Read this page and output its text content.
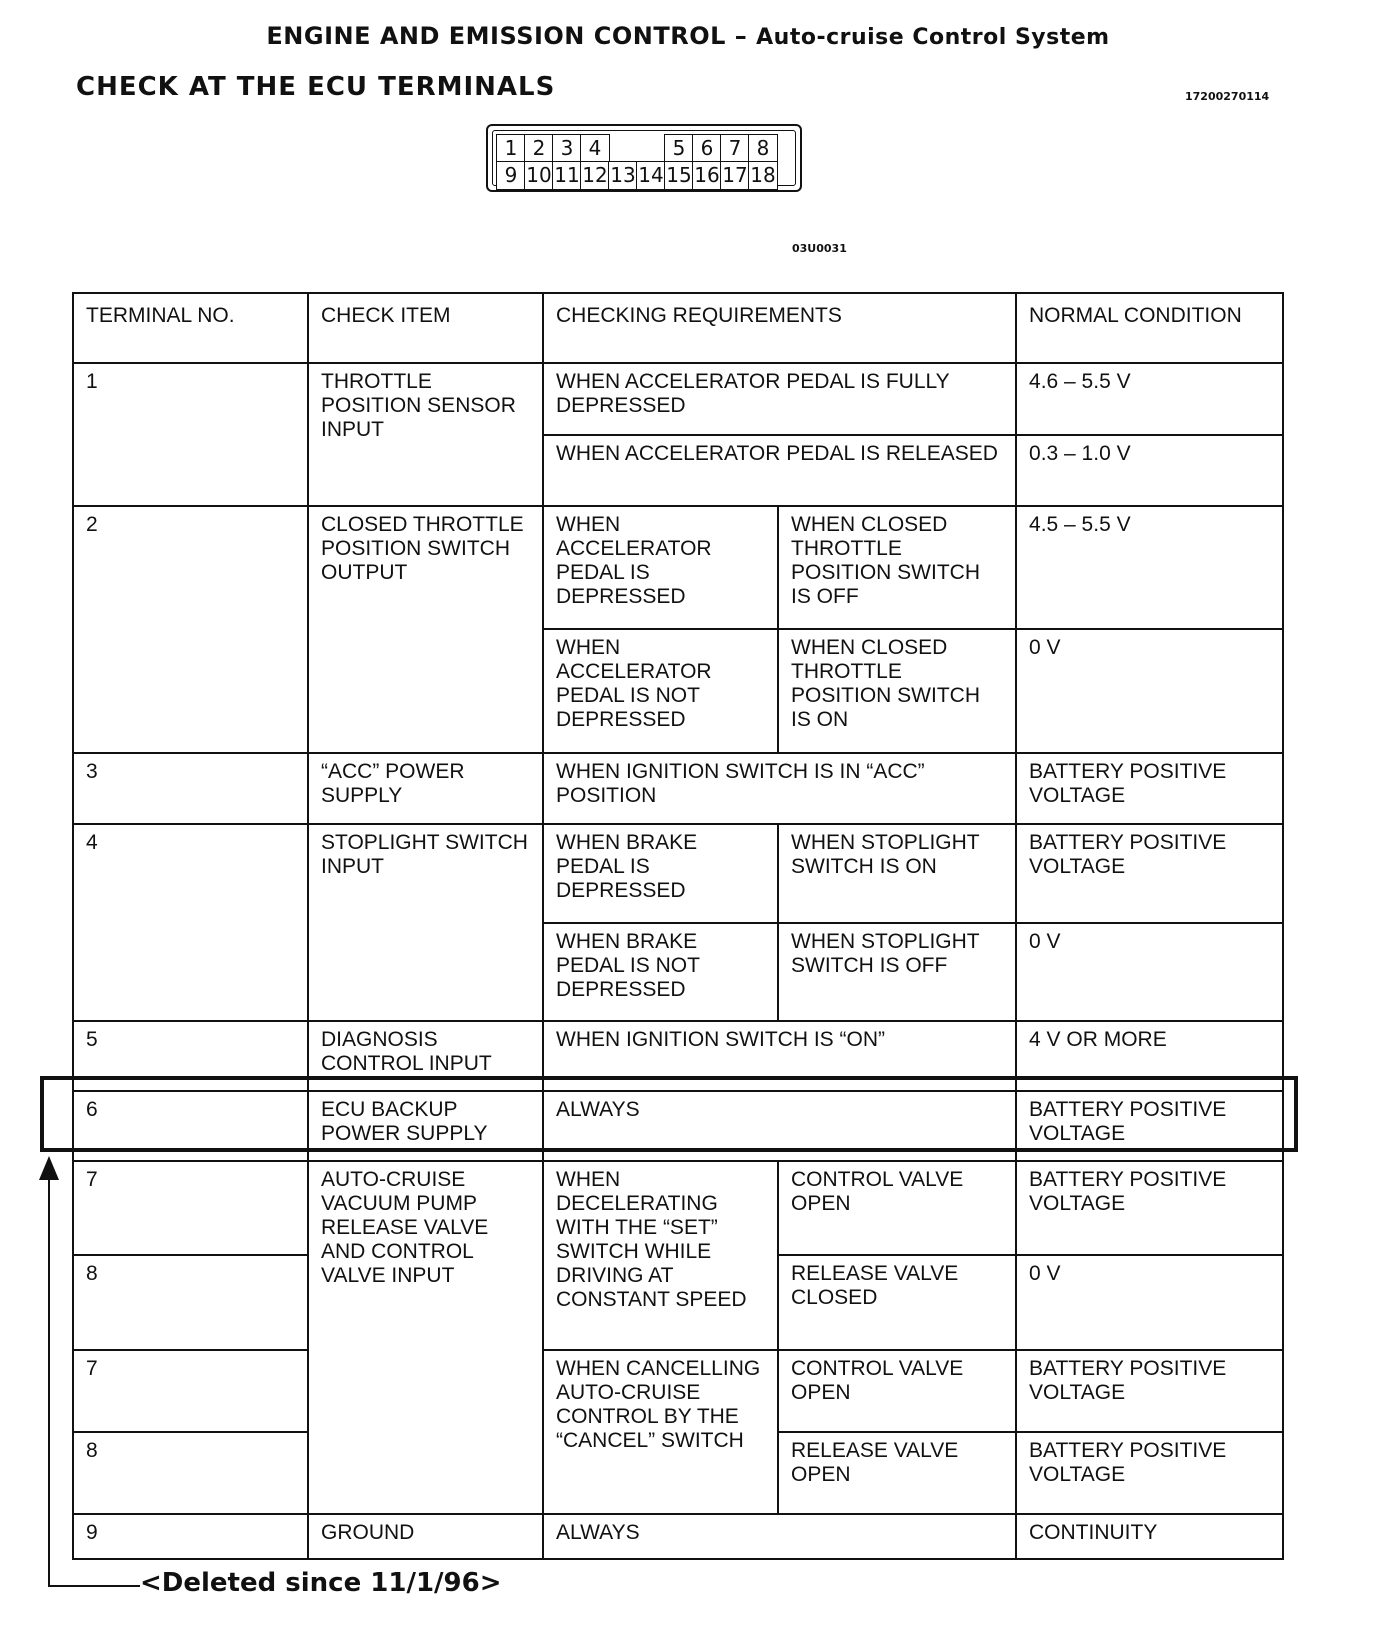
ENGINE AND EMISSION CONTROL – Auto-cruise Control System
CHECK AT THE ECU TERMINALS	17200270114
1 2 3 4	5 6 7 8
9 10 11 12 13 14 15 16 17 18
03U0031
TERMINAL NO.	CHECK ITEM	CHECKING REQUIREMENTS		NORMAL CONDITION
1	THROTTLE POSITION SENSOR INPUT	WHEN ACCELERATOR PEDAL IS FULLY DEPRESSED		4.6 – 5.5 V
		WHEN ACCELERATOR PEDAL IS RELEASED		0.3 – 1.0 V
2	CLOSED THROTTLE POSITION SWITCH OUTPUT	WHEN ACCELERATOR PEDAL IS DEPRESSED	WHEN CLOSED THROTTLE POSITION SWITCH IS OFF	4.5 – 5.5 V
		WHEN ACCELERATOR PEDAL IS NOT DEPRESSED	WHEN CLOSED THROTTLE POSITION SWITCH IS ON	0 V
3	“ACC” POWER SUPPLY	WHEN IGNITION SWITCH IS IN “ACC” POSITION		BATTERY POSITIVE VOLTAGE
4	STOPLIGHT SWITCH INPUT	WHEN BRAKE PEDAL IS DEPRESSED	WHEN STOPLIGHT SWITCH IS ON	BATTERY POSITIVE VOLTAGE
		WHEN BRAKE PEDAL IS NOT DEPRESSED	WHEN STOPLIGHT SWITCH IS OFF	0 V
5	DIAGNOSIS CONTROL INPUT	WHEN IGNITION SWITCH IS “ON”		4 V OR MORE
6	ECU BACKUP POWER SUPPLY	ALWAYS		BATTERY POSITIVE VOLTAGE
7	AUTO-CRUISE VACUUM PUMP RELEASE VALVE AND CONTROL VALVE INPUT	WHEN DECELERATING WITH THE “SET” SWITCH WHILE DRIVING AT CONSTANT SPEED	CONTROL VALVE OPEN	BATTERY POSITIVE VOLTAGE
8			RELEASE VALVE CLOSED	0 V
7		WHEN CANCELLING AUTO-CRUISE CONTROL BY THE “CANCEL” SWITCH	CONTROL VALVE OPEN	BATTERY POSITIVE VOLTAGE
8			RELEASE VALVE OPEN	BATTERY POSITIVE VOLTAGE
9	GROUND	ALWAYS		CONTINUITY
<Deleted since 11/1/96>
